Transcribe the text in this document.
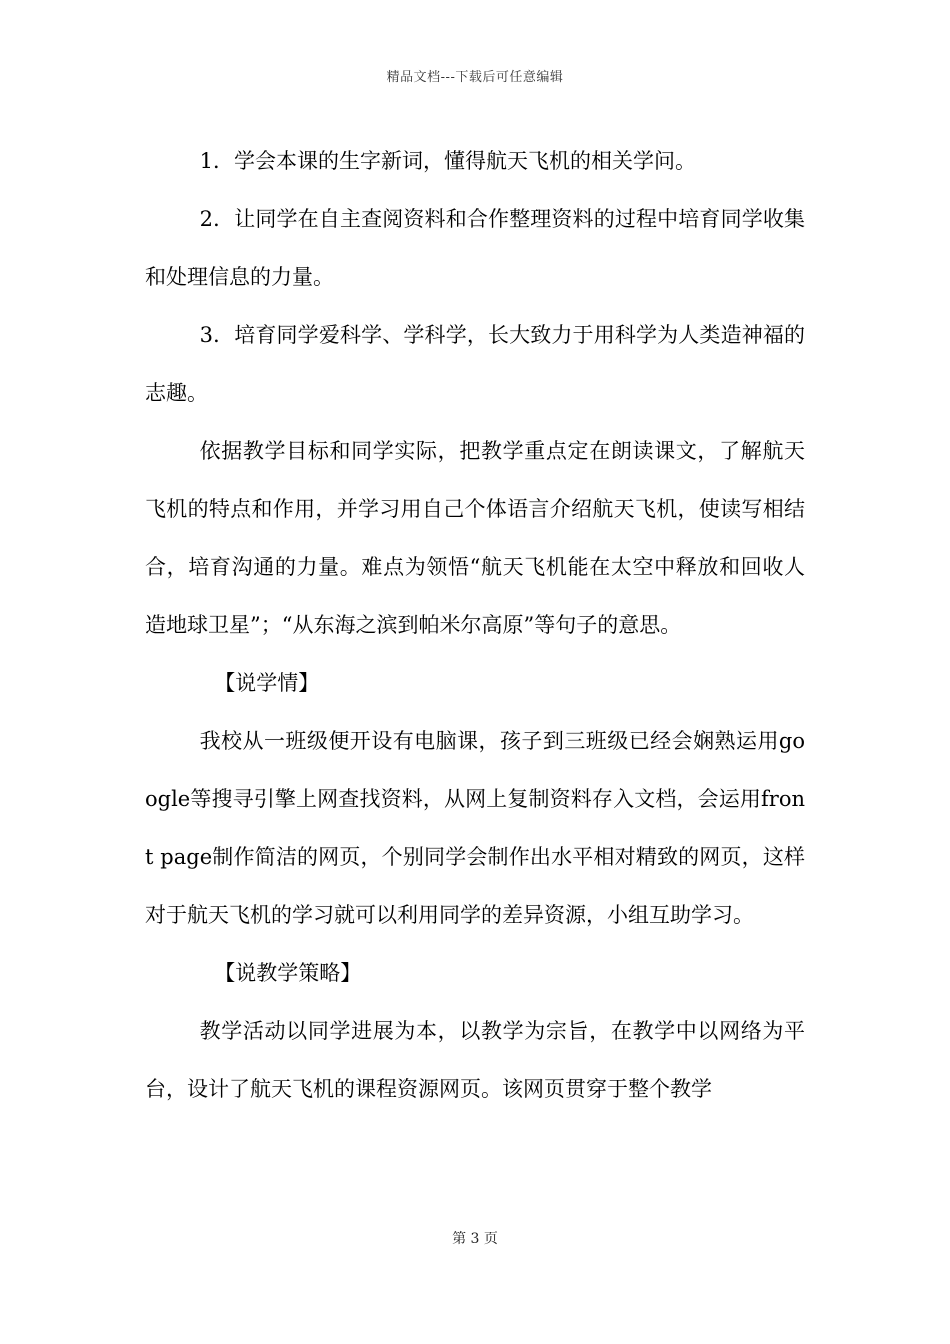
精品文档---下载后可任意编辑

1．学会本课的生字新词，懂得航天飞机的相关学问。

2．让同学在自主查阅资料和合作整理资料的过程中培育同学收集和处理信息的力量。

3．培育同学爱科学、学科学，长大致力于用科学为人类造神福的志趣。

依据教学目标和同学实际，把教学重点定在朗读课文，了解航天飞机的特点和作用，并学习用自己个体语言介绍航天飞机，使读写相结合，培育沟通的力量。难点为领悟“航天飞机能在太空中释放和回收人造地球卫星”；“从东海之滨到帕米尔高原”等句子的意思。

【说学情】

我校从一班级便开设有电脑课，孩子到三班级已经会娴熟运用google等搜寻引擎上网查找资料，从网上复制资料存入文档，会运用front page制作简洁的网页，个别同学会制作出水平相对精致的网页，这样对于航天飞机的学习就可以利用同学的差异资源，小组互助学习。

【说教学策略】

教学活动以同学进展为本，以教学为宗旨，在教学中以网络为平台，设计了航天飞机的课程资源网页。该网页贯穿于整个教学

第 3 页
